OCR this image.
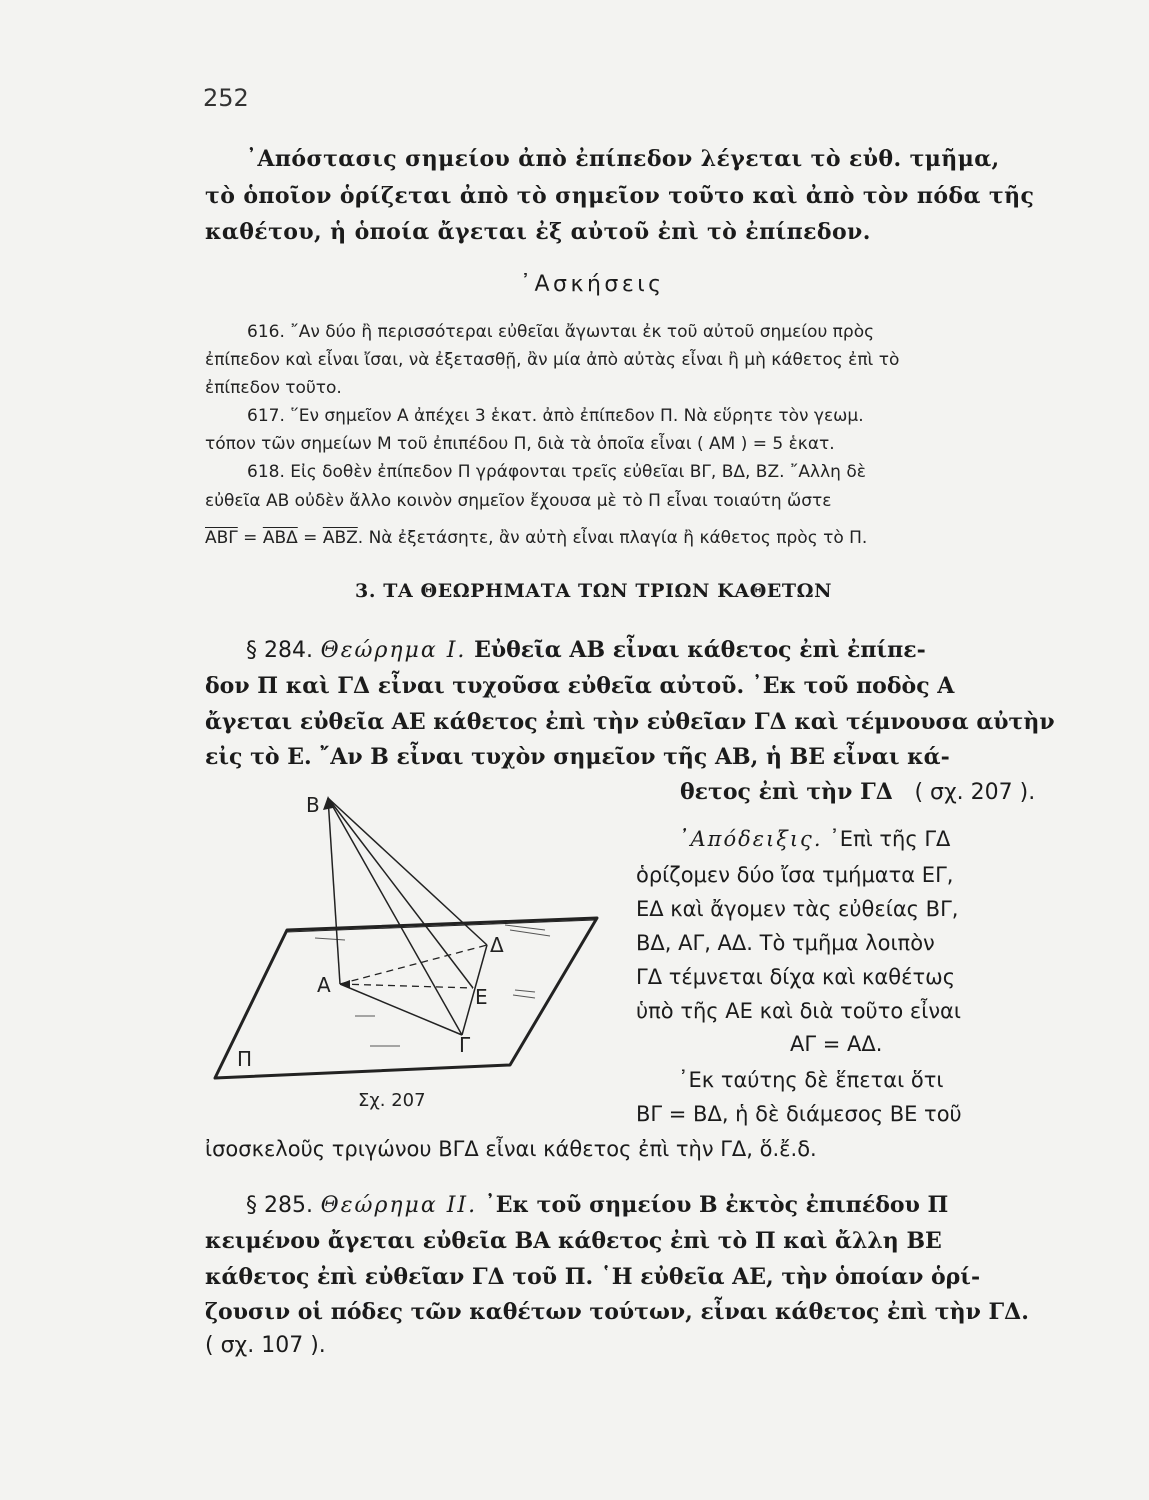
252
᾿Απόστασις σημείου ἀπὸ ἐπίπεδον λέγεται τὸ εὐθ. τμῆμα,
τὸ ὁποῖον ὁρίζεται ἀπὸ τὸ σημεῖον τοῦτο καὶ ἀπὸ τὸν πόδα τῆς
καθέτου, ἡ ὁποία ἄγεται ἐξ αὐτοῦ ἐπὶ τὸ ἐπίπεδον.
᾿Ασκήσεις
616. ῎Αν δύο ἢ περισσότεραι εὐθεῖαι ἄγωνται ἐκ τοῦ αὐτοῦ σημείου πρὸς
ἐπίπεδον καὶ εἶναι ἴσαι, νὰ ἐξετασθῇ, ἂν μία ἀπὸ αὐτὰς εἶναι ἢ μὴ κάθετος ἐπὶ τὸ
ἐπίπεδον τοῦτο.
617. ῞Εν σημεῖον Α ἀπέχει 3 ἑκατ. ἀπὸ ἐπίπεδον Π. Νὰ εὕρητε τὸν γεωμ.
τόπον τῶν σημείων Μ τοῦ ἐπιπέδου Π, διὰ τὰ ὁποῖα εἶναι ( ΑΜ ) = 5 ἑκατ.
618. Εἰς δοθὲν ἐπίπεδον Π γράφονται τρεῖς εὐθεῖαι ΒΓ, ΒΔ, ΒΖ. ῎Αλλη δὲ
εὐθεῖα ΑΒ οὐδὲν ἄλλο κοινὸν σημεῖον ἔχουσα μὲ τὸ Π εἶναι τοιαύτη ὥστε
$\overline{AB\Gamma} = \overline{AB\Delta} = \overline{ABZ}$. Νὰ ἐξετάσητε, ἂν αὐτὴ εἶναι πλαγία ἢ κάθετος πρὸς τὸ Π.
3. ΤΑ ΘΕΩΡΗΜΑΤΑ ΤΩΝ ΤΡΙΩΝ ΚΑΘΕΤΩΝ
§ 284. Θεώρημα Ι. Εὐθεῖα ΑΒ εἶναι κάθετος ἐπὶ ἐπίπε-
δον Π καὶ ΓΔ εἶναι τυχοῦσα εὐθεῖα αὐτοῦ. ᾿Εκ τοῦ ποδὸς Α
ἄγεται εὐθεῖα ΑΕ κάθετος ἐπὶ τὴν εὐθεῖαν ΓΔ καὶ τέμνουσα αὐτὴν
εἰς τὸ Ε. ῎Αν Β εἶναι τυχὸν σημεῖον τῆς ΑΒ, ἡ ΒΕ εἶναι κά-
θετος ἐπὶ τὴν ΓΔ ( σχ. 207 ).
᾿Απόδειξις. ᾿Επὶ τῆς ΓΔ
ὁρίζομεν δύο ἴσα τμήματα ΕΓ,
ΕΔ καὶ ἄγομεν τὰς εὐθείας ΒΓ,
ΒΔ, ΑΓ, ΑΔ. Τὸ τμῆμα λοιπὸν
ΓΔ τέμνεται δίχα καὶ καθέτως
ὑπὸ τῆς ΑΕ καὶ διὰ τοῦτο εἶναι
ΑΓ = ΑΔ.
᾿Εκ ταύτης δὲ ἕπεται ὅτι
ΒΓ = ΒΔ, ἡ δὲ διάμεσος ΒΕ τοῦ
ἰσοσκελοῦς τριγώνου ΒΓΔ εἶναι κάθετος ἐπὶ τὴν ΓΔ, ὅ.ἔ.δ.
Β
Α	Ε
Γ
Δ
Π
Σχ. 207
§ 285. Θεώρημα ΙΙ. ᾿Εκ τοῦ σημείου Β ἐκτὸς ἐπιπέδου Π
κειμένου ἄγεται εὐθεῖα ΒΑ κάθετος ἐπὶ τὸ Π καὶ ἄλλη ΒΕ
κάθετος ἐπὶ εὐθεῖαν ΓΔ τοῦ Π. ῾Η εὐθεῖα ΑΕ, τὴν ὁποίαν ὁρί-
ζουσιν οἱ πόδες τῶν καθέτων τούτων, εἶναι κάθετος ἐπὶ τὴν ΓΔ.
( σχ. 107 ).
